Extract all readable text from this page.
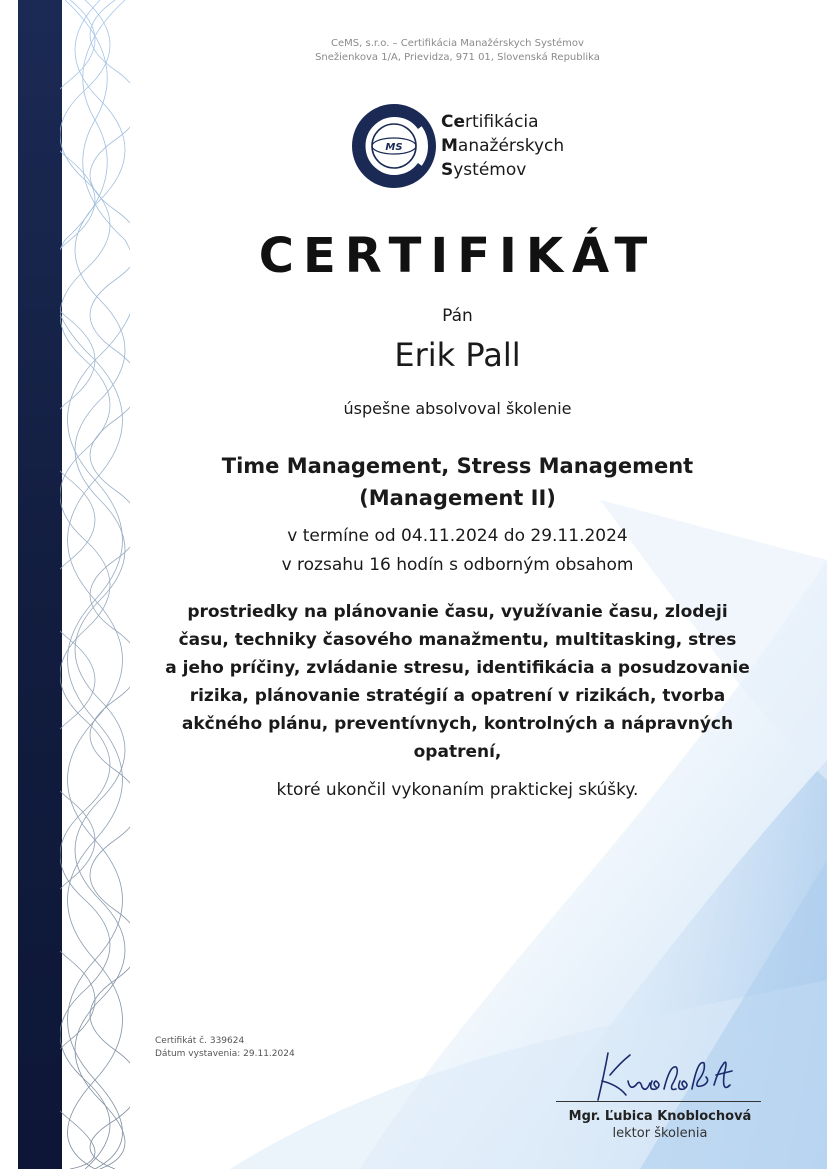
CeMS, s.r.o. – Certifikácia Manažérskych Systémov
Snežienkova 1/A, Prievidza, 971 01, Slovenská Republika
MS
Certifikácia
Manažérskych
Systémov
CERTIFIKÁT
Pán
Erik Pall
úspešne absolvoval školenie
Time Management, Stress Management
(Management II)
v termíne od 04.11.2024 do 29.11.2024
v rozsahu 16 hodín s odborným obsahom
prostriedky na plánovanie času, využívanie času, zlodeji
času, techniky časového manažmentu, multitasking, stres
a jeho príčiny, zvládanie stresu, identifikácia a posudzovanie
rizika, plánovanie stratégií a opatrení v rizikách, tvorba
akčného plánu, preventívnych, kontrolných a nápravných
opatrení,
ktoré ukončil vykonaním praktickej skúšky.
Certifikát č. 339624
Dátum vystavenia: 29.11.2024
Mgr. Ľubica Knoblochová
lektor školenia
